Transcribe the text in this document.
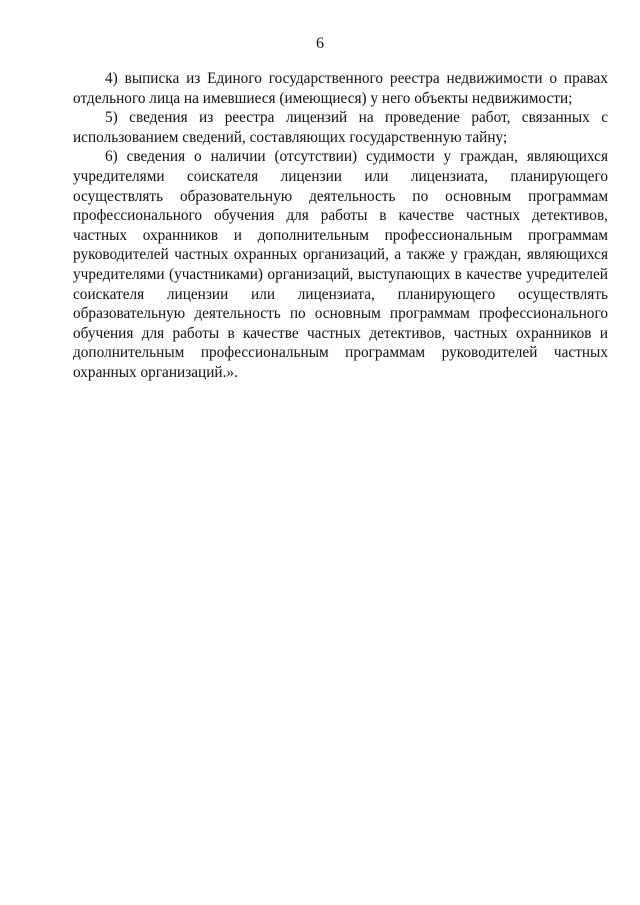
6

4) выписка из Единого государственного реестра недвижимости о правах отдельного лица на имевшиеся (имеющиеся) у него объекты недвижимости;

5) сведения из реестра лицензий на проведение работ, связанных с использованием сведений, составляющих государственную тайну;

6) сведения о наличии (отсутствии) судимости у граждан, являющихся учредителями соискателя лицензии или лицензиата, планирующего осуществлять образовательную деятельность по основным программам профессионального обучения для работы в качестве частных детективов, частных охранников и дополнительным профессиональным программам руководителей частных охранных организаций, а также у граждан, являющихся учредителями (участниками) организаций, выступающих в качестве учредителей соискателя лицензии или лицензиата, планирующего осуществлять образовательную деятельность по основным программам профессионального обучения для работы в качестве частных детективов, частных охранников и дополнительным профессиональным программам руководителей частных охранных организаций.».
